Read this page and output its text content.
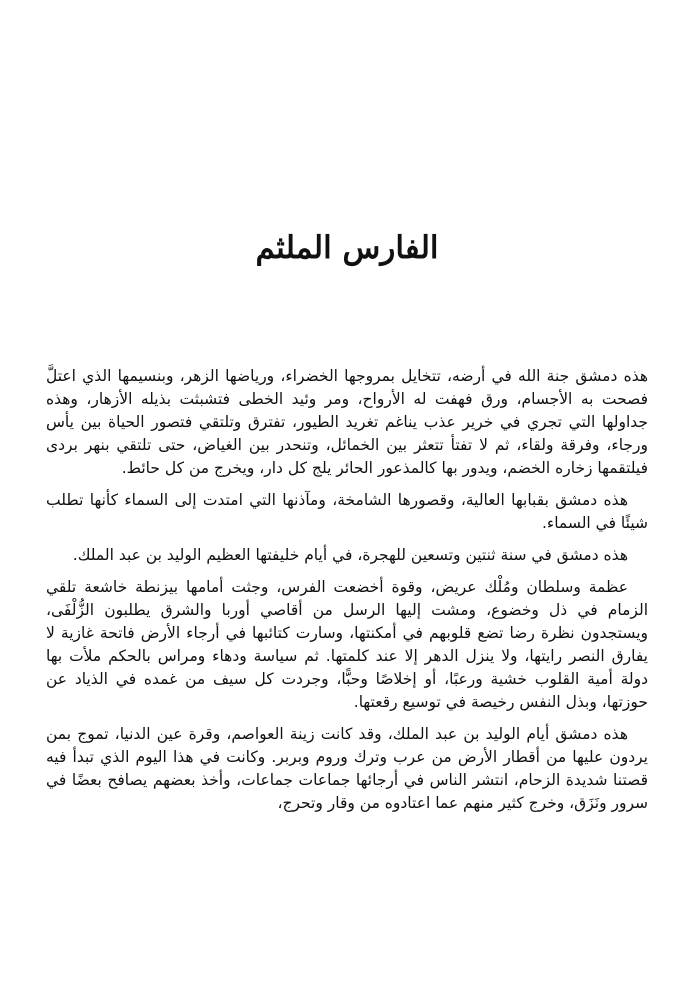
الفارس الملثم

هذه دمشق جنة الله في أرضه، تتخايل بمروجها الخضراء، ورياضها الزهر، وبنسيمها الذي اعتلَّ فصحت به الأجسام، ورق فهفت له الأرواح، ومر وئيد الخطى فتشبثت بذيله الأزهار، وهذه جداولها التي تجري في خرير عذب يناغم تغريد الطيور، تفترق وتلتقي فتصور الحياة بين يأس ورجاء، وفرقة ولقاء، ثم لا تفتأ تتعثر بين الخمائل، وتنحدر بين الغياض، حتى تلتقي بنهر بردى فيلتقمها زخاره الخضم، ويدور بها كالمذعور الحائر يلج كل دار، ويخرج من كل حائط.

هذه دمشق بقبابها العالية، وقصورها الشامخة، ومآذنها التي امتدت إلى السماء كأنها تطلب شيئًا في السماء.

هذه دمشق في سنة ثنتين وتسعين للهجرة، في أيام خليفتها العظيم الوليد بن عبد الملك.

عظمة وسلطان ومُلْك عريض، وقوة أخضعت الفرس، وجثت أمامها بيزنطة خاشعة تلقي الزمام في ذل وخضوع، ومشت إليها الرسل من أقاصي أوربا والشرق يطلبون الزُّلْفَى، ويستجدون نظرة رضا تضع قلوبهم في أمكنتها، وسارت كتائبها في أرجاء الأرض فاتحة غازية لا يفارق النصر رايتها، ولا ينزل الدهر إلا عند كلمتها. ثم سياسة ودهاء ومراس بالحكم ملأت بها دولة أمية القلوب خشية ورعبًا، أو إخلاصًا وحبًّا، وجردت كل سيف من غمده في الذياد عن حوزتها، وبذل النفس رخيصة في توسيع رقعتها.

هذه دمشق أيام الوليد بن عبد الملك، وقد كانت زينة العواصم، وقرة عين الدنيا، تموج بمن يردون عليها من أقطار الأرض من عرب وترك وروم وبربر. وكانت في هذا اليوم الذي تبدأ فيه قصتنا شديدة الزحام، انتشر الناس في أرجائها جماعات جماعات، وأخذ بعضهم يصافح بعضًا في سرور ونَزَق، وخرج كثير منهم عما اعتادوه من وقار وتحرج،
